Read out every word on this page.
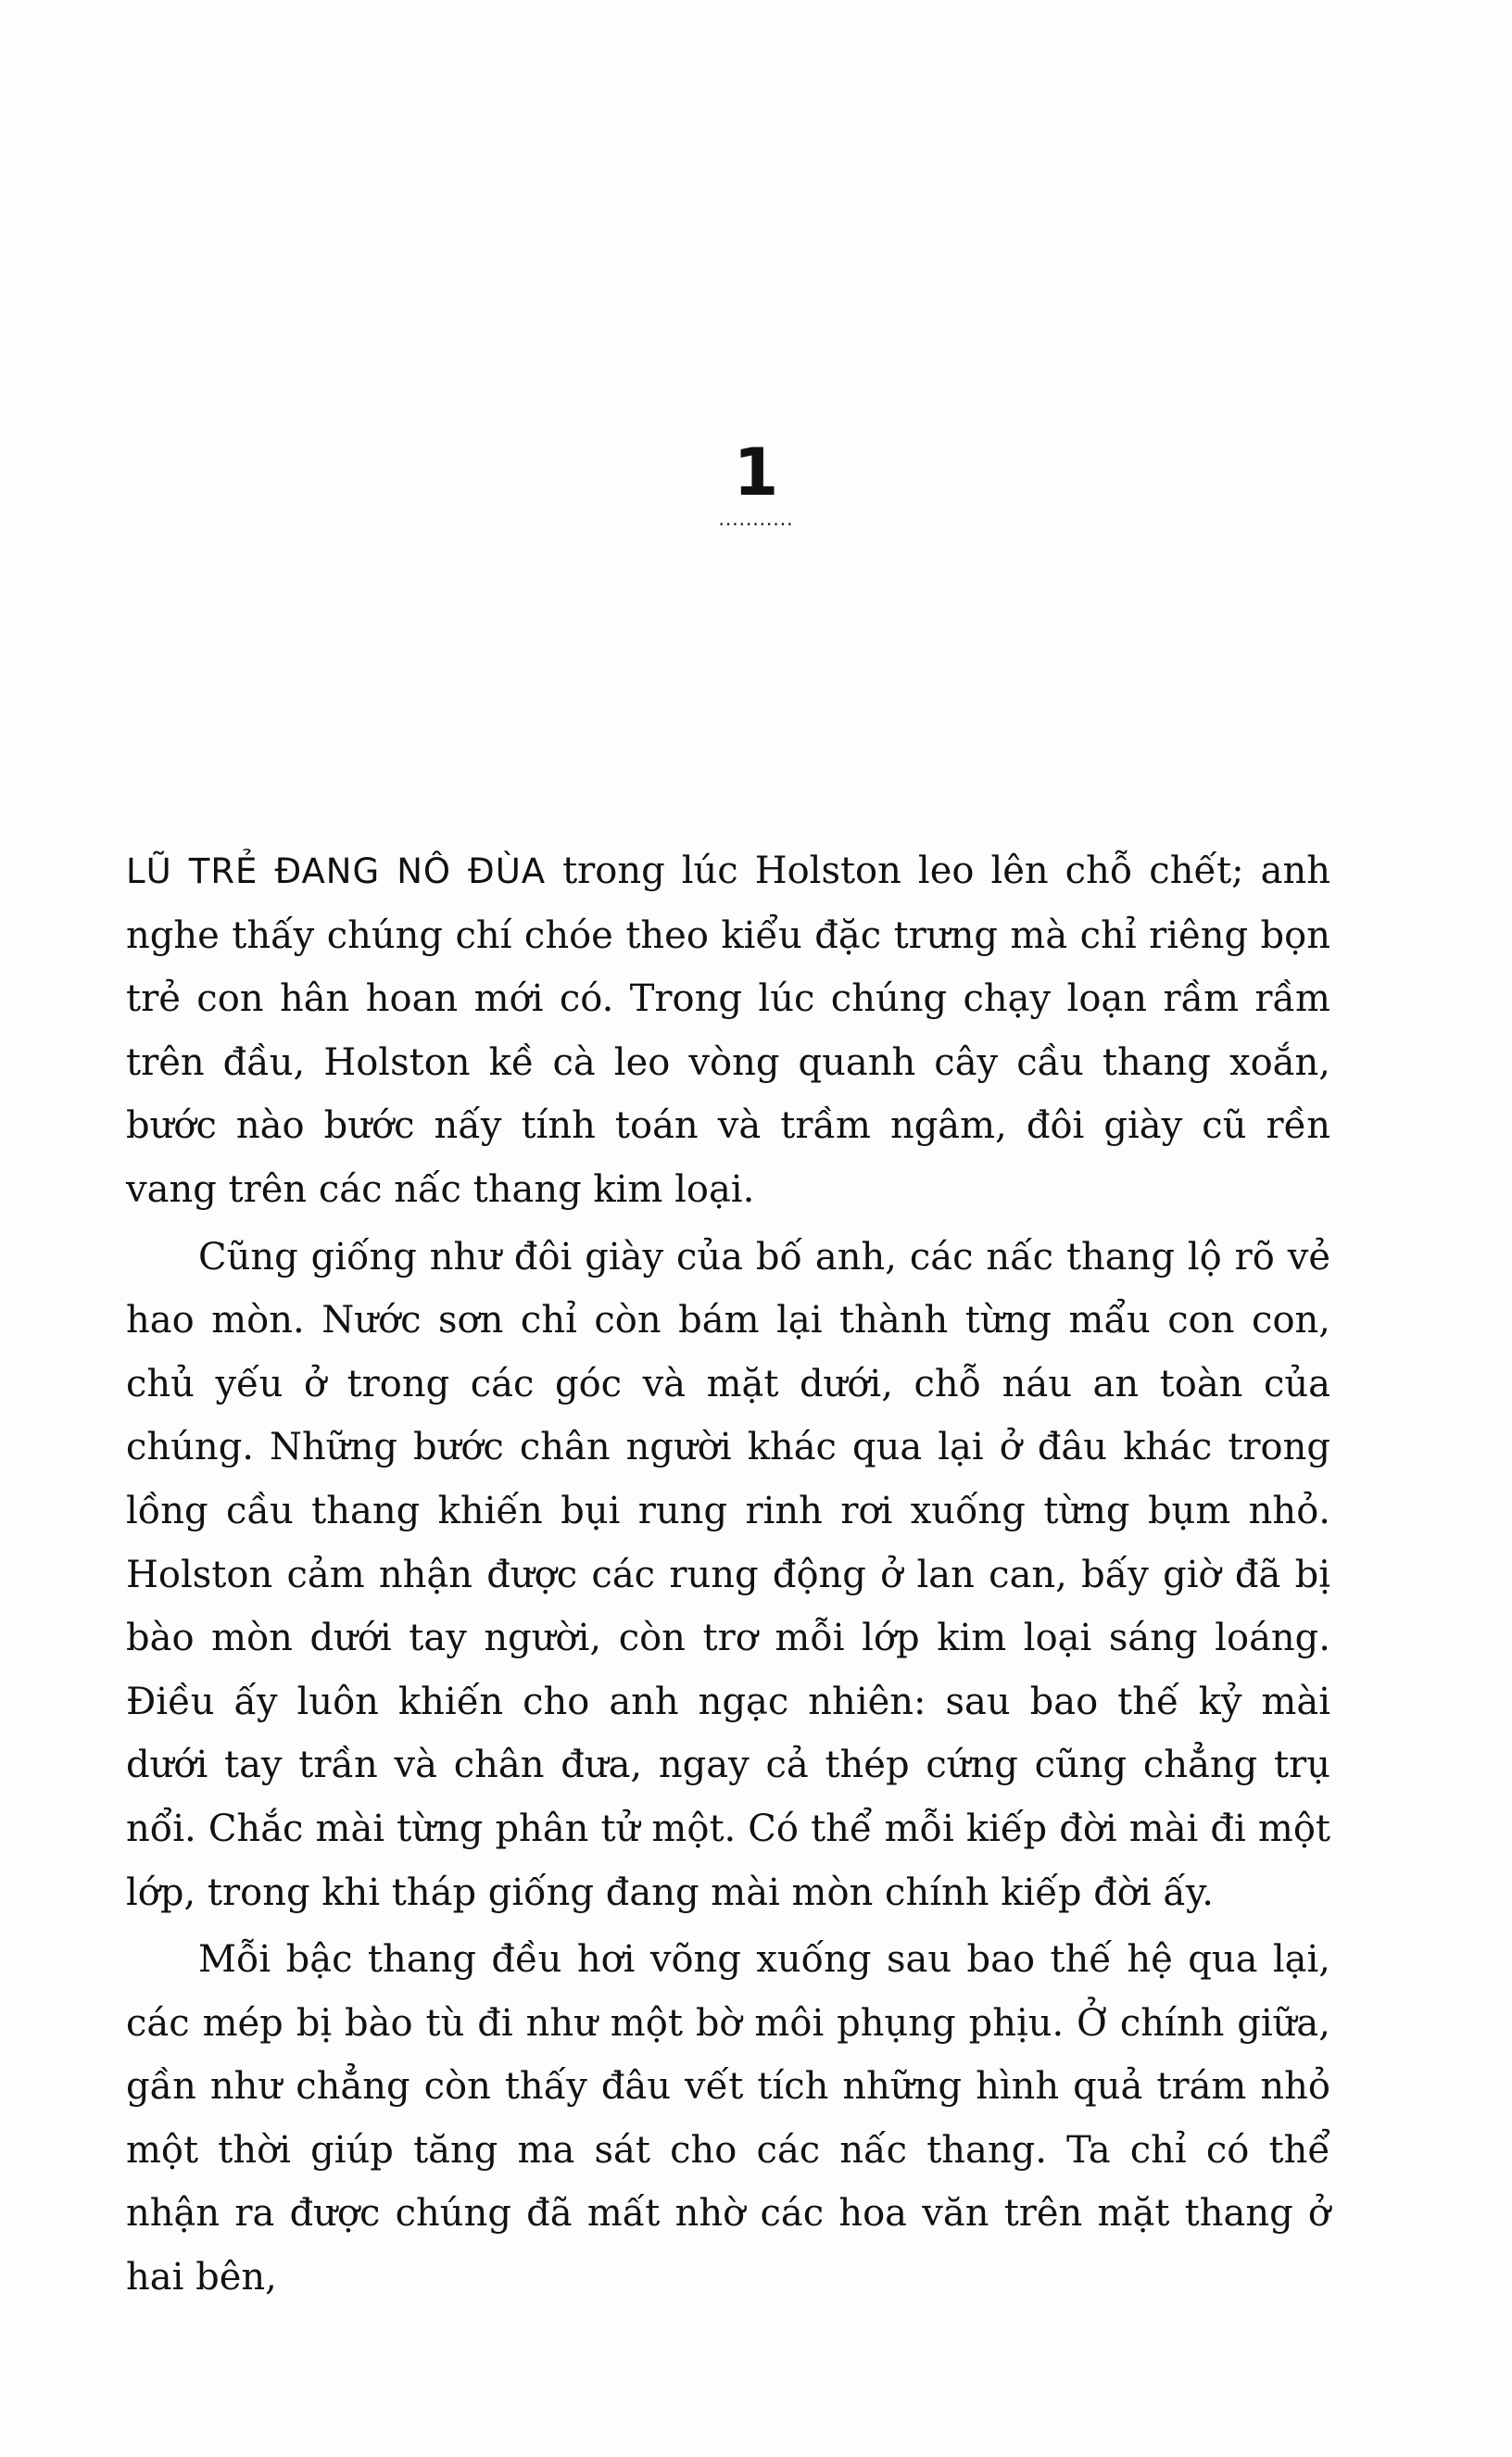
1
...........

LŨ TRẺ ĐANG NÔ ĐÙA trong lúc Holston leo lên chỗ chết; anh nghe thấy chúng chí chóe theo kiểu đặc trưng mà chỉ riêng bọn trẻ con hân hoan mới có. Trong lúc chúng chạy loạn rầm rầm trên đầu, Holston kề cà leo vòng quanh cây cầu thang xoắn, bước nào bước nấy tính toán và trầm ngâm, đôi giày cũ rền vang trên các nấc thang kim loại.

Cũng giống như đôi giày của bố anh, các nấc thang lộ rõ vẻ hao mòn. Nước sơn chỉ còn bám lại thành từng mẩu con con, chủ yếu ở trong các góc và mặt dưới, chỗ náu an toàn của chúng. Những bước chân người khác qua lại ở đâu khác trong lồng cầu thang khiến bụi rung rinh rơi xuống từng bụm nhỏ. Holston cảm nhận được các rung động ở lan can, bấy giờ đã bị bào mòn dưới tay người, còn trơ mỗi lớp kim loại sáng loáng. Điều ấy luôn khiến cho anh ngạc nhiên: sau bao thế kỷ mài dưới tay trần và chân đưa, ngay cả thép cứng cũng chẳng trụ nổi. Chắc mài từng phân tử một. Có thể mỗi kiếp đời mài đi một lớp, trong khi tháp giống đang mài mòn chính kiếp đời ấy.

Mỗi bậc thang đều hơi võng xuống sau bao thế hệ qua lại, các mép bị bào tù đi như một bờ môi phụng phịu. Ở chính giữa, gần như chẳng còn thấy đâu vết tích những hình quả trám nhỏ một thời giúp tăng ma sát cho các nấc thang. Ta chỉ có thể nhận ra được chúng đã mất nhờ các hoa văn trên mặt thang ở hai bên,
